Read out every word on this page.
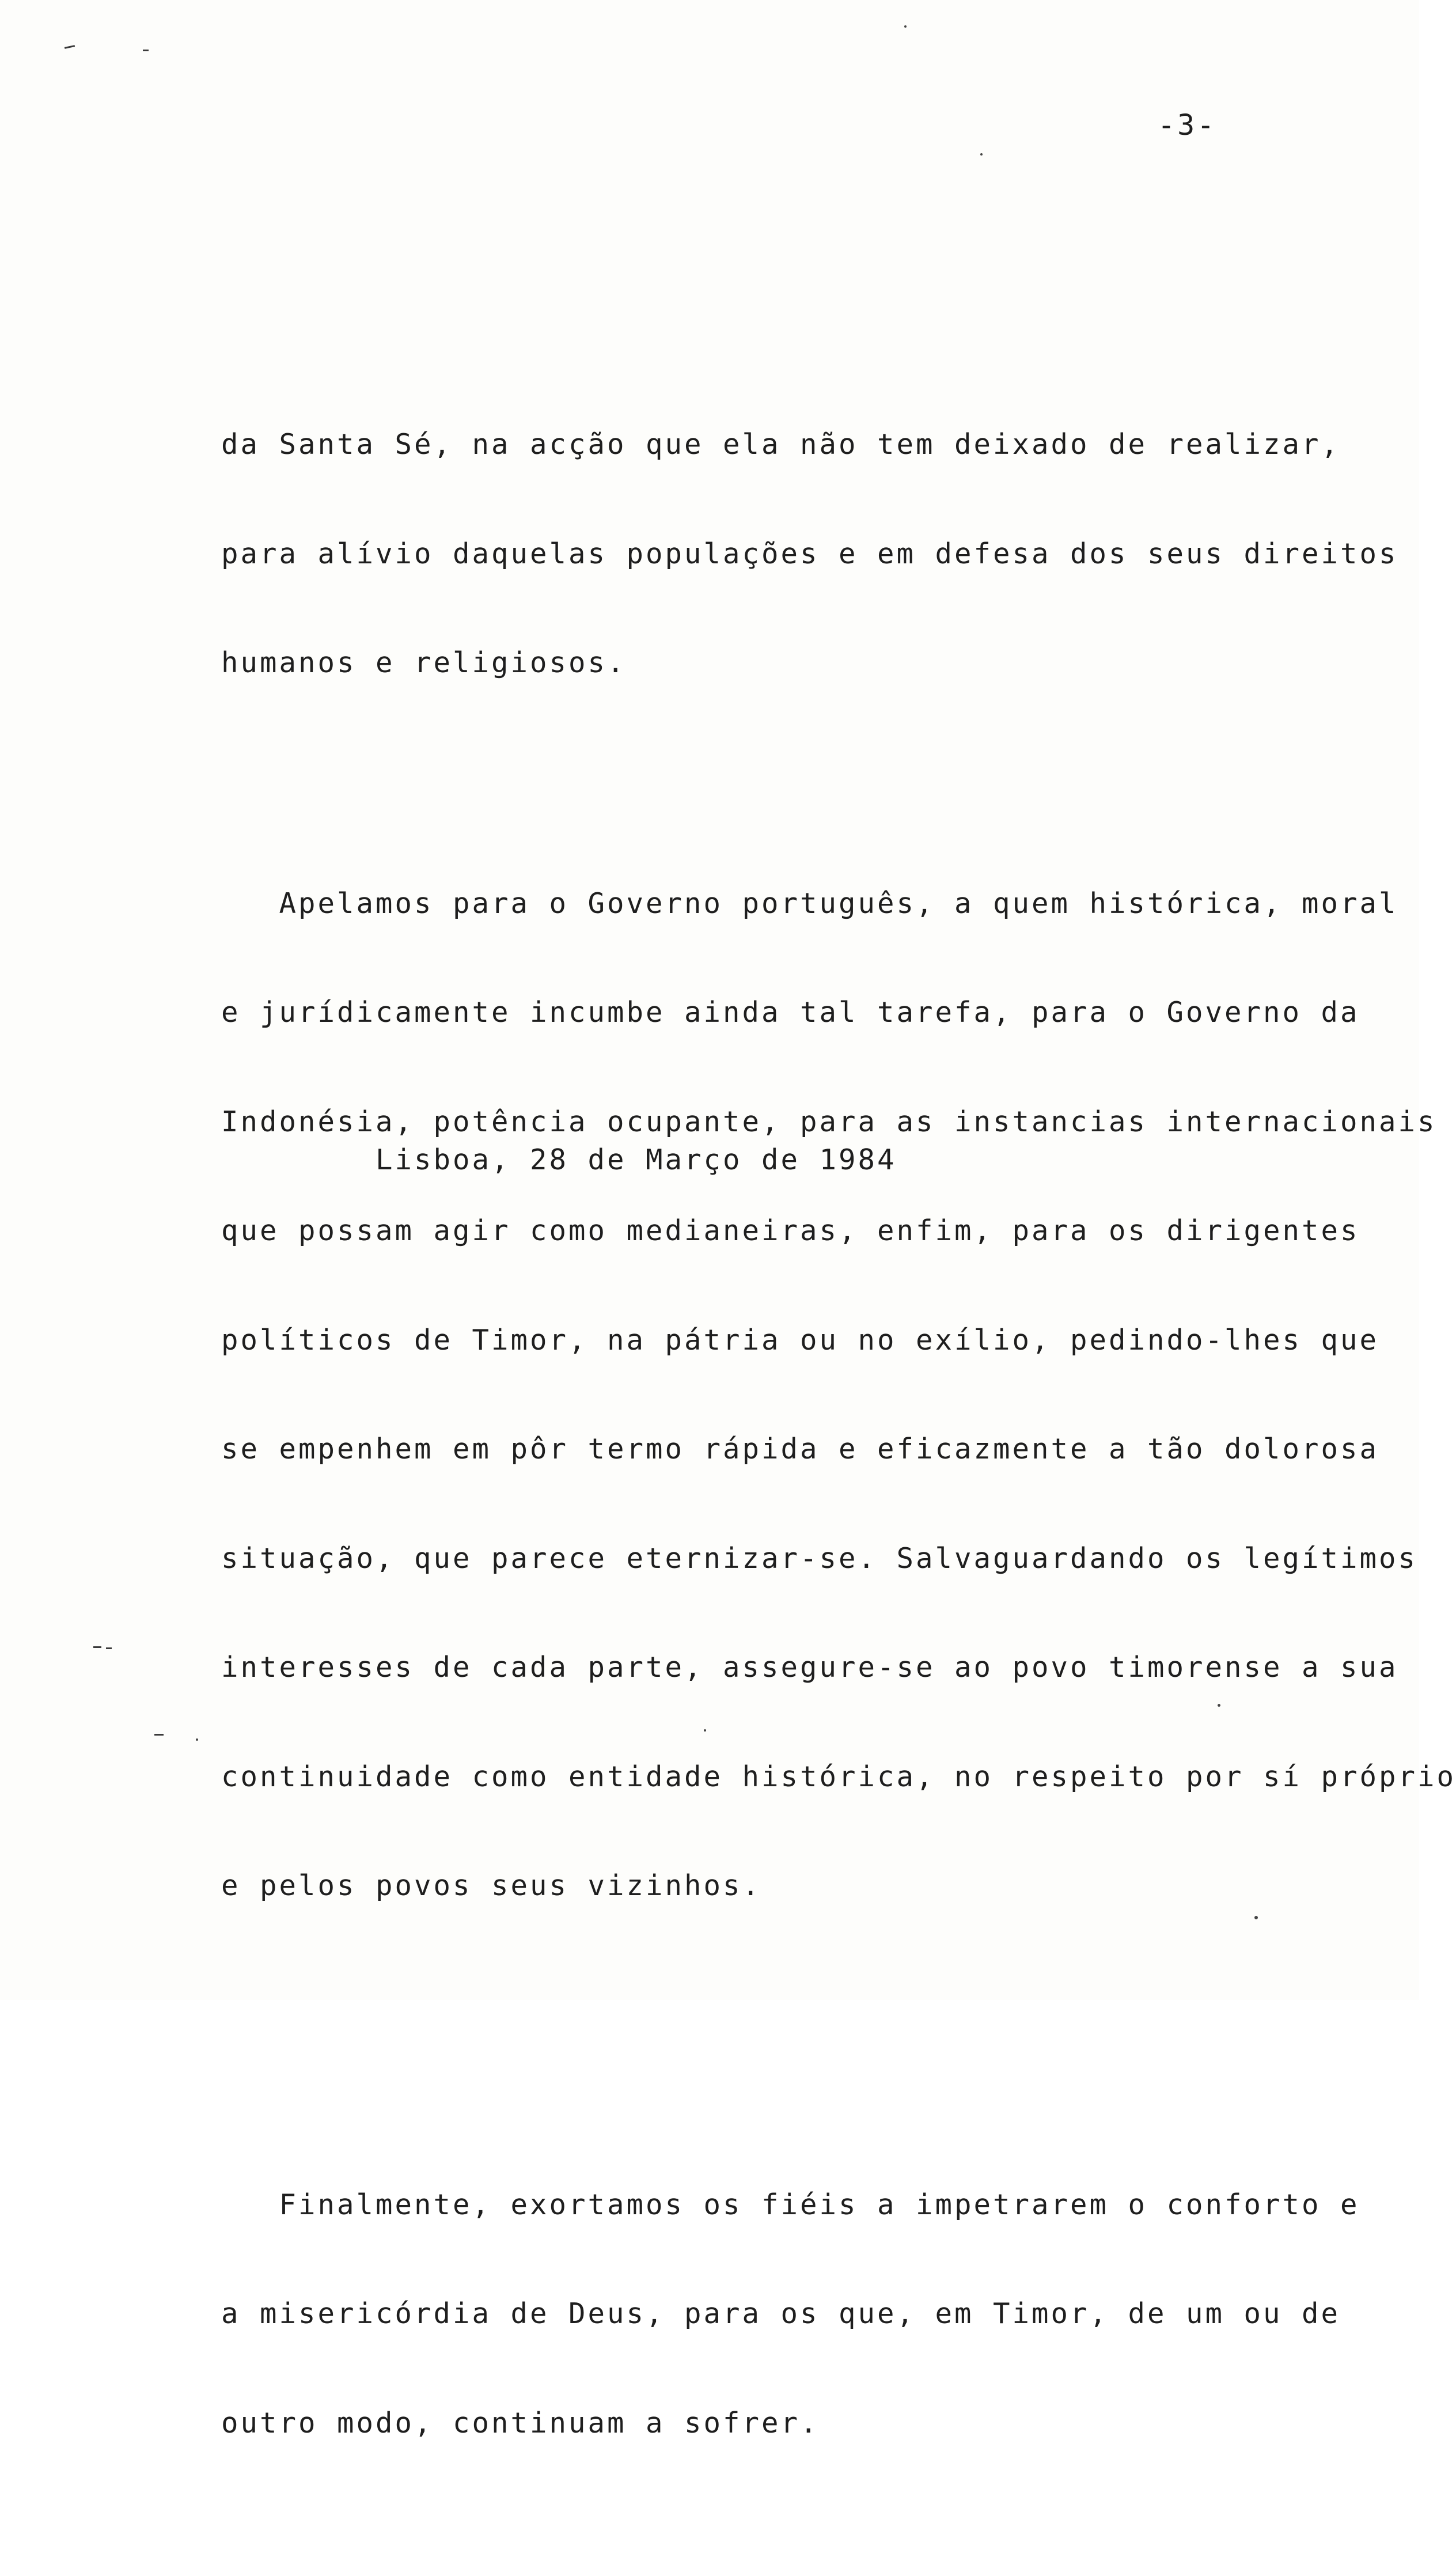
-3-

da Santa Sé, na acção que ela não tem deixado de realizar,

para alívio daquelas populações e em defesa dos seus direitos

humanos e religiosos.

Apelamos para o Governo português, a quem histórica, moral

e jurídicamente incumbe ainda tal tarefa, para o Governo da

Indonésia, potência ocupante, para as instancias internacionais

que possam agir como medianeiras, enfim, para os dirigentes

políticos de Timor, na pátria ou no exílio, pedindo-lhes que

se empenhem em pôr termo rápida e eficazmente a tão dolorosa

situação, que parece eternizar-se. Salvaguardando os legítimos

interesses de cada parte, assegure-se ao povo timorense a sua

continuidade como entidade histórica, no respeito por sí próprio

e pelos povos seus vizinhos.

Finalmente, exortamos os fiéis a impetrarem o conforto e

a misericórdia de Deus, para os que, em Timor, de um ou de

outro modo, continuam a sofrer.

Lisboa, 28 de Março de 1984
